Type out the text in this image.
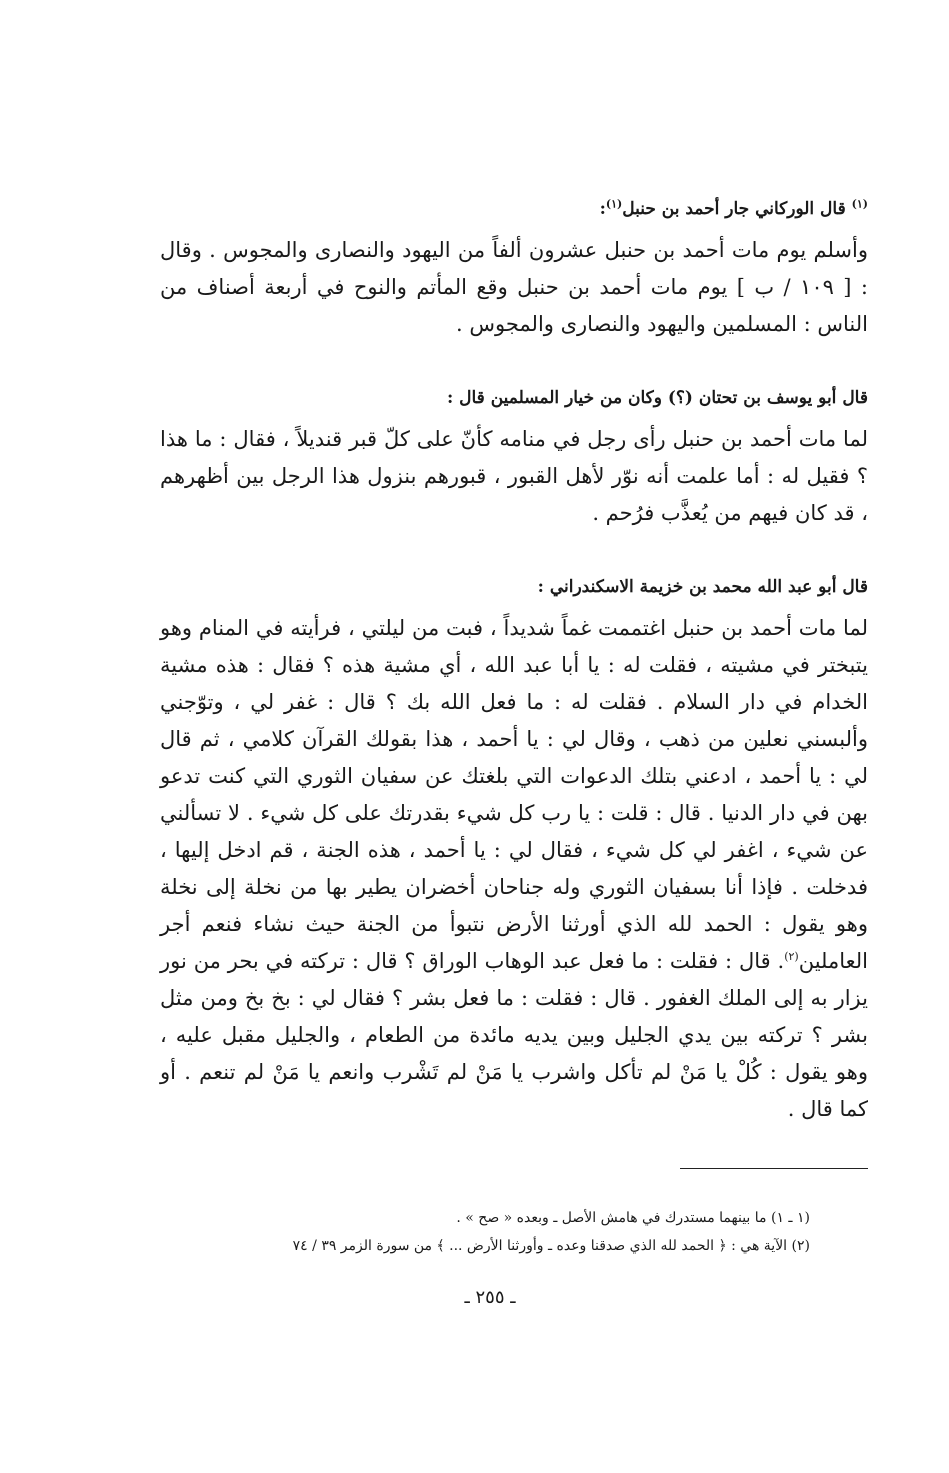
$^{(١)}$ قال الوركاني جار أحمد بن حنبل$^{(١)}$:

وأسلم يوم مات أحمد بن حنبل عشرون ألفاً من اليهود والنصارى والمجوس . وقال : [ ١٠٩ / ب ] يوم مات أحمد بن حنبل وقع المأتم والنوح في أربعة أصناف من الناس : المسلمين واليهود والنصارى والمجوس .

قال أبو يوسف بن تحتان (؟) وكان من خيار المسلمين قال :

لما مات أحمد بن حنبل رأى رجل في منامه كأنّ على كلّ قبر قنديلاً ، فقال : ما هذا ؟ فقيل له : أما علمت أنه نوّر لأهل القبور ، قبورهم بنزول هذا الرجل بين أظهرهم ، قد كان فيهم من يُعذَّب فرُحم .

قال أبو عبد الله محمد بن خزيمة الاسكندراني :

لما مات أحمد بن حنبل اغتممت غماً شديداً ، فبت من ليلتي ، فرأيته في المنام وهو يتبختر في مشيته ، فقلت له : يا أبا عبد الله ، أي مشية هذه ؟ فقال : هذه مشية الخدام في دار السلام . فقلت له : ما فعل الله بك ؟ قال : غفر لي ، وتوّجني وألبسني نعلين من ذهب ، وقال لي : يا أحمد ، هذا بقولك القرآن كلامي ، ثم قال لي : يا أحمد ، ادعني بتلك الدعوات التي بلغتك عن سفيان الثوري التي كنت تدعو بهن في دار الدنيا . قال : قلت : يا رب كل شيء بقدرتك على كل شيء . لا تسألني عن شيء ، اغفر لي كل شيء ، فقال لي : يا أحمد ، هذه الجنة ، قم ادخل إليها ، فدخلت . فإذا أنا بسفيان الثوري وله جناحان أخضران يطير بها من نخلة إلى نخلة وهو يقول : الحمد لله الذي أورثنا الأرض نتبوأ من الجنة حيث نشاء فنعم أجر العاملين$^{(٢)}$. قال : فقلت : ما فعل عبد الوهاب الوراق ؟ قال : تركته في بحر من نور يزار به إلى الملك الغفور . قال : فقلت : ما فعل بشر ؟ فقال لي : بخ بخ ومن مثل بشر ؟ تركته بين يدي الجليل وبين يديه مائدة من الطعام ، والجليل مقبل عليه ، وهو يقول : كُلْ يا مَنْ لم تأكل واشرب يا مَنْ لم تَشْرب وانعم يا مَنْ لم تنعم . أو كما قال .

(١ ـ ١) ما بينهما مستدرك في هامش الأصل ـ وبعده « صح » .
(٢) الآية هي : ﴿ الحمد لله الذي صدقنا وعده ـ وأورثنا الأرض ... ﴾ من سورة الزمر ٣٩ / ٧٤
ـ ٢٥٥ ـ
